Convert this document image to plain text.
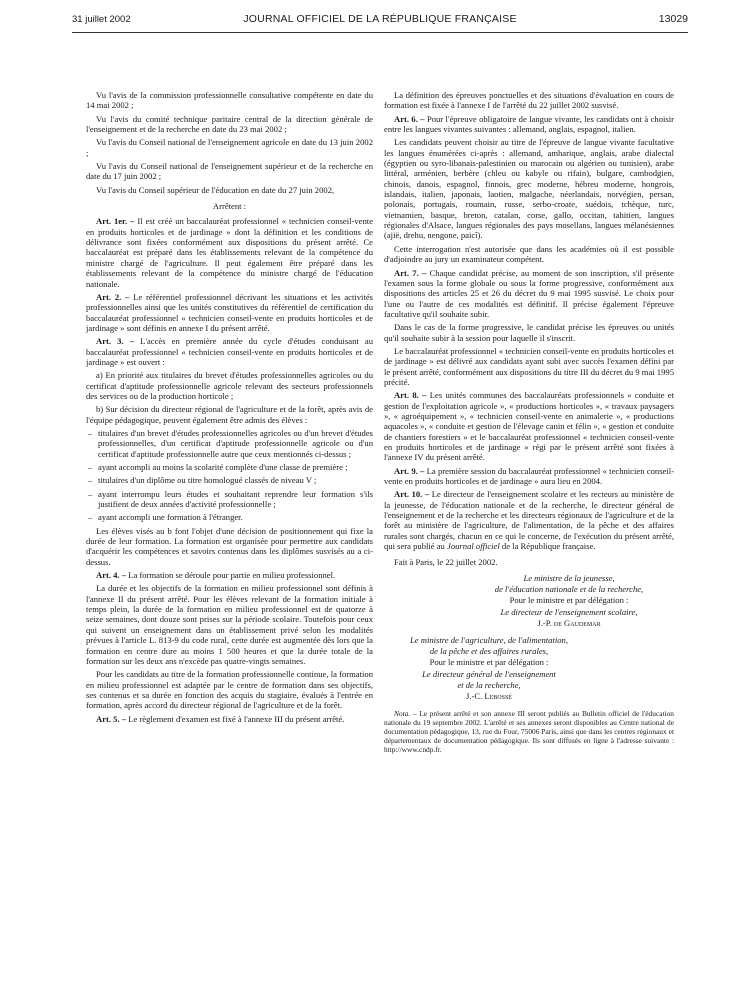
31 juillet 2002	JOURNAL OFFICIEL DE LA RÉPUBLIQUE FRANÇAISE	13029

Vu l'avis de la commission professionnelle consultative compétente en date du 14 mai 2002 ;

Vu l'avis du comité technique paritaire central de la direction générale de l'enseignement et de la recherche en date du 23 mai 2002 ;

Vu l'avis du Conseil national de l'enseignement agricole en date du 13 juin 2002 ;

Vu l'avis du Conseil national de l'enseignement supérieur et de la recherche en date du 17 juin 2002 ;

Vu l'avis du Conseil supérieur de l'éducation en date du 27 juin 2002,

Arrêtent :

Art. 1er. – Il est créé un baccalauréat professionnel « technicien conseil-vente en produits horticoles et de jardinage » dont la définition et les conditions de délivrance sont fixées conformément aux dispositions du présent arrêté. Ce baccalauréat est préparé dans les établissements relevant de la compétence du ministre chargé de l'agriculture. Il peut également être préparé dans les établissements relevant de la compétence du ministre chargé de l'éducation nationale.

Art. 2. – Le référentiel professionnel décrivant les situations et les activités professionnelles ainsi que les unités constitutives du référentiel de certification du baccalauréat professionnel « technicien conseil-vente en produits horticoles et de jardinage » sont définis en annexe I du présent arrêté.

Art. 3. – L'accès en première année du cycle d'études conduisant au baccalauréat professionnel « technicien conseil-vente en produits horticoles et de jardinage » est ouvert :

a) En priorité aux titulaires du brevet d'études professionnelles agricoles ou du certificat d'aptitude professionnelle agricole relevant des secteurs professionnels des services ou de la production horticole ;

b) Sur décision du directeur régional de l'agriculture et de la forêt, après avis de l'équipe pédagogique, peuvent également être admis des élèves :

– titulaires d'un brevet d'études professionnelles agricoles ou d'un brevet d'études professionnelles, d'un certificat d'aptitude professionnelle agricole ou d'un certificat d'aptitude professionnelle autre que ceux mentionnés ci-dessus ;

– ayant accompli au moins la scolarité complète d'une classe de première ;

– titulaires d'un diplôme ou titre homologué classés de niveau V ;

– ayant interrompu leurs études et souhaitant reprendre leur formation s'ils justifient de deux années d'activité professionnelle ;

– ayant accompli une formation à l'étranger.

Les élèves visés au b font l'objet d'une décision de positionnement qui fixe la durée de leur formation. La formation est organisée pour permettre aux candidats d'acquérir les compétences et savoirs contenus dans les diplômes susvisés au a ci-dessus.

Art. 4. – La formation se déroule pour partie en milieu professionnel.

La durée et les objectifs de la formation en milieu professionnel sont définis à l'annexe II du présent arrêté. Pour les élèves relevant de la formation initiale à temps plein, la durée de la formation en milieu professionnel est de quatorze à seize semaines, dont douze sont prises sur la période scolaire. Toutefois pour ceux qui suivent un enseignement dans un établissement privé selon les modalités prévues à l'article L. 813-9 du code rural, cette durée est augmentée dès lors que la formation en centre dure au moins 1 500 heures et que la durée totale de la formation sur les deux ans n'excède pas quatre-vingts semaines.

Pour les candidats au titre de la formation professionnelle continue, la formation en milieu professionnel est adaptée par le centre de formation dans ses objectifs, ses contenus et sa durée en fonction des acquis du stagiaire, évalués à l'entrée en formation, après accord du directeur régional de l'agriculture et de la forêt.

Art. 5. – Le règlement d'examen est fixé à l'annexe III du présent arrêté.

La définition des épreuves ponctuelles et des situations d'évaluation en cours de formation est fixée à l'annexe I de l'arrêté du 22 juillet 2002 susvisé.

Art. 6. – Pour l'épreuve obligatoire de langue vivante, les candidats ont à choisir entre les langues vivantes suivantes : allemand, anglais, espagnol, italien.

Les candidats peuvent choisir au titre de l'épreuve de langue vivante facultative les langues énumérées ci-après : allemand, amharique, anglais, arabe dialectal (égyptien ou syro-libanais-palestinien ou marocain ou algérien ou tunisien), arabe littéral, arménien, berbère (chleu ou kabyle ou rifain), bulgare, cambodgien, chinois, danois, espagnol, finnois, grec moderne, hébreu moderne, hongrois, islandais, italien, japonais, laotien, malgache, néerlandais, norvégien, persan, polonais, portugais, roumain, russe, serbo-croate, suédois, tchèque, turc, vietnamien, basque, breton, catalan, corse, gallo, occitan, tahitien, langues régionales d'Alsace, langues régionales des pays mosellans, langues mélanésiennes (ajië, drehu, nengone, paicî).

Cette interrogation n'est autorisée que dans les académies où il est possible d'adjoindre au jury un examinateur compétent.

Art. 7. – Chaque candidat précise, au moment de son inscription, s'il présente l'examen sous la forme globale ou sous la forme progressive, conformément aux dispositions des articles 25 et 26 du décret du 9 mai 1995 susvisé. Le choix pour l'une ou l'autre de ces modalités est définitif. Il précise également l'épreuve facultative qu'il souhaite subir.

Dans le cas de la forme progressive, le candidat précise les épreuves ou unités qu'il souhaite subir à la session pour laquelle il s'inscrit.

Le baccalauréat professionnel « technicien conseil-vente en produits horticoles et de jardinage » est délivré aux candidats ayant subi avec succès l'examen défini par le présent arrêté, conformément aux dispositions du titre III du décret du 9 mai 1995 précité.

Art. 8. – Les unités communes des baccalauréats professionnels « conduite et gestion de l'exploitation agricole », « productions horticoles », « travaux paysagers », « agroéquipement », « technicien conseil-vente en animalerie », « productions aquacoles », « conduite et gestion de l'élevage canin et félin », « gestion et conduite de chantiers forestiers » et le baccalauréat professionnel « technicien conseil-vente en produits horticoles et de jardinage » régi par le présent arrêté sont fixées à l'annexe IV du présent arrêté.

Art. 9. – La première session du baccalauréat professionnel « technicien conseil-vente en produits horticoles et de jardinage » aura lieu en 2004.

Art. 10. – Le directeur de l'enseignement scolaire et les recteurs au ministère de la jeunesse, de l'éducation nationale et de la recherche, le directeur général de l'enseignement et de la recherche et les directeurs régionaux de l'agriculture et de la forêt au ministère de l'agriculture, de l'alimentation, de la pêche et des affaires rurales sont chargés, chacun en ce qui le concerne, de l'exécution du présent arrêté, qui sera publié au Journal officiel de la République française.

Fait à Paris, le 22 juillet 2002.

Le ministre de la jeunesse,

de l'éducation nationale et de la recherche,

Pour le ministre et par délégation :

Le directeur de l'enseignement scolaire,

J.-P. de Gaudemar

Le ministre de l'agriculture, de l'alimentation,

de la pêche et des affaires rurales,

Pour le ministre et par délégation :

Le directeur général de l'enseignement

et de la recherche,

J.-C. Lebossé

Nota. – Le présent arrêté et son annexe III seront publiés au Bulletin officiel de l'éducation nationale du 19 septembre 2002. L'arrêté et ses annexes seront disponibles au Centre national de documentation pédagogique, 13, rue du Four, 75006 Paris, ainsi que dans les centres régionaux et départementaux de documentation pédagogique. Ils sont diffusés en ligne à l'adresse suivante : http://www.cndp.fr.
